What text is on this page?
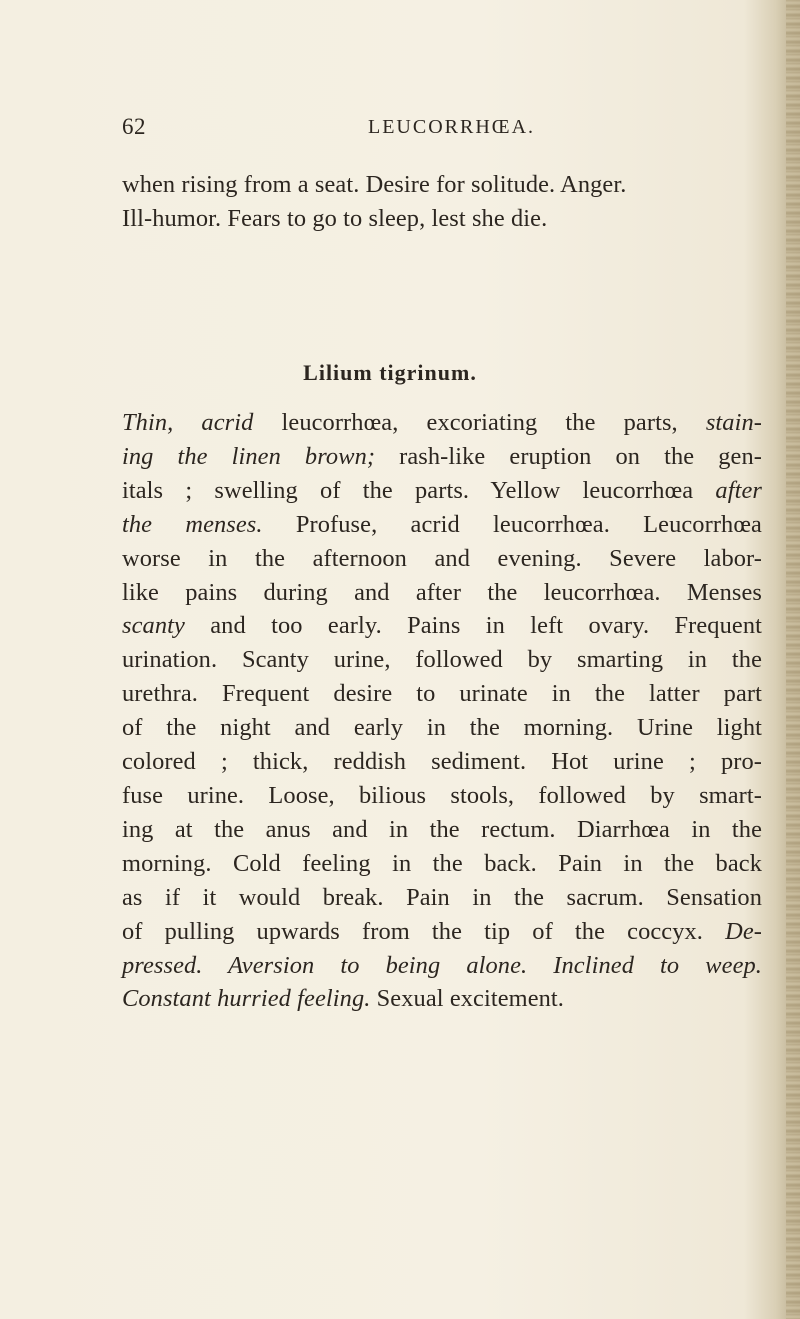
62	LEUCORRHŒA.
when rising from a seat. Desire for solitude. Anger.
Ill-humor. Fears to go to sleep, lest she die.
Lilium tigrinum.
Thin, acrid leucorrhœa, excoriating the parts, stain-
ing the linen brown; rash-like eruption on the gen-
itals ; swelling of the parts. Yellow leucorrhœa after
the menses. Profuse, acrid leucorrhœa. Leucorrhœa
worse in the afternoon and evening. Severe labor-
like pains during and after the leucorrhœa. Menses
scanty and too early. Pains in left ovary. Frequent
urination. Scanty urine, followed by smarting in the
urethra. Frequent desire to urinate in the latter part
of the night and early in the morning. Urine light
colored ; thick, reddish sediment. Hot urine ; pro-
fuse urine. Loose, bilious stools, followed by smart-
ing at the anus and in the rectum. Diarrhœa in the
morning. Cold feeling in the back. Pain in the back
as if it would break. Pain in the sacrum. Sensation
of pulling upwards from the tip of the coccyx. De-
pressed. Aversion to being alone. Inclined to weep.
Constant hurried feeling. Sexual excitement.
